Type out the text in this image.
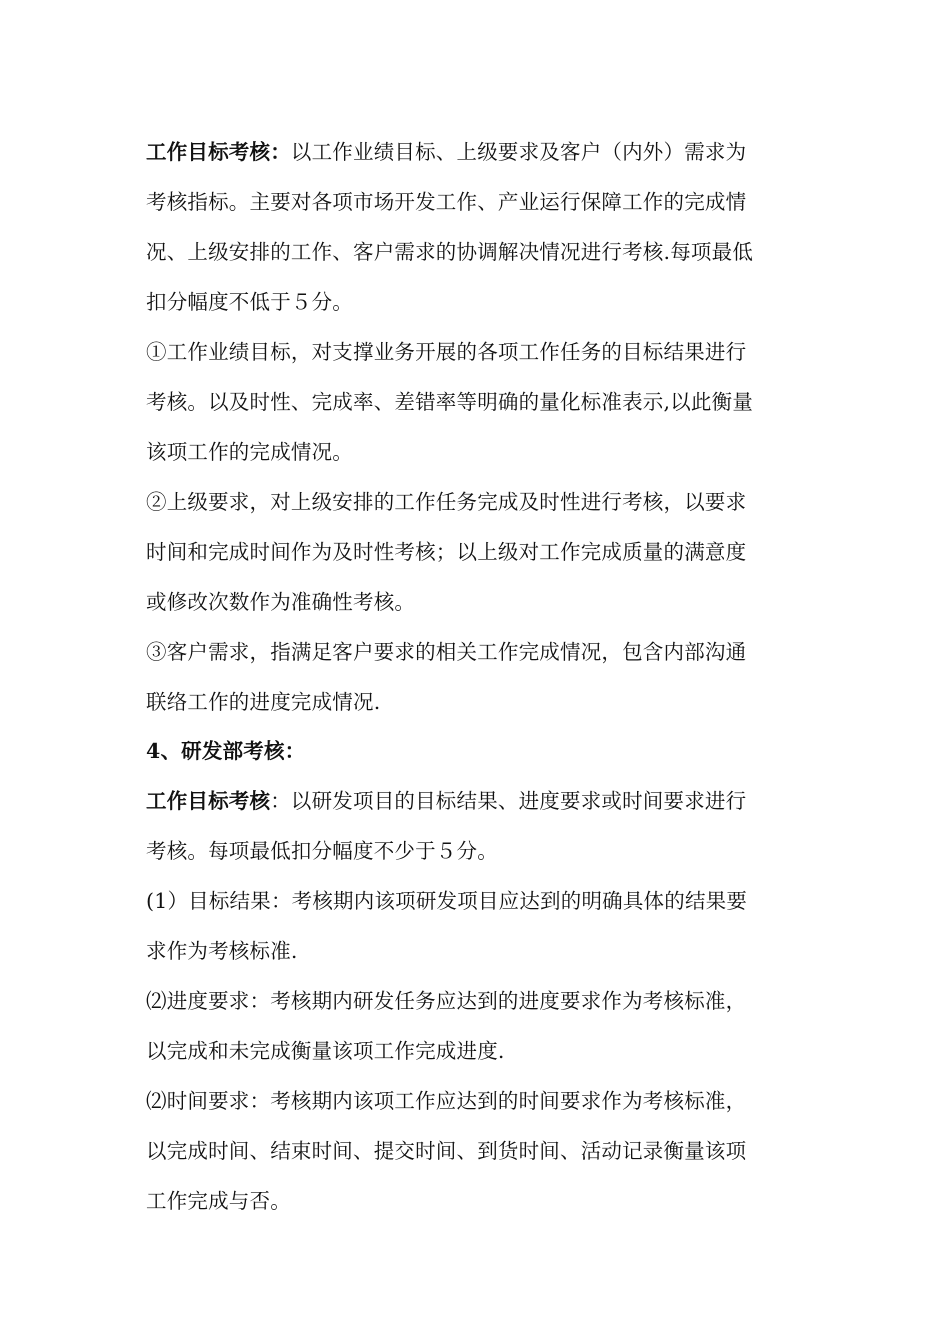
工作目标考核：以工作业绩目标、上级要求及客户（内外）需求为
考核指标。主要对各项市场开发工作、产业运行保障工作的完成情
况、上级安排的工作、客户需求的协调解决情况进行考核.每项最低
扣分幅度不低于５分。
①工作业绩目标，对支撑业务开展的各项工作任务的目标结果进行
考核。以及时性、完成率、差错率等明确的量化标准表示,以此衡量
该项工作的完成情况。
②上级要求，对上级安排的工作任务完成及时性进行考核，以要求
时间和完成时间作为及时性考核；以上级对工作完成质量的满意度
或修改次数作为准确性考核。
③客户需求，指满足客户要求的相关工作完成情况，包含内部沟通
联络工作的进度完成情况.
4、研发部考核：
工作目标考核：以研发项目的目标结果、进度要求或时间要求进行
考核。每项最低扣分幅度不少于５分。
(1）目标结果：考核期内该项研发项目应达到的明确具体的结果要
求作为考核标准.
⑵进度要求：考核期内研发任务应达到的进度要求作为考核标准，
以完成和未完成衡量该项工作完成进度.
⑵时间要求：考核期内该项工作应达到的时间要求作为考核标准，
以完成时间、结束时间、提交时间、到货时间、活动记录衡量该项
工作完成与否。
